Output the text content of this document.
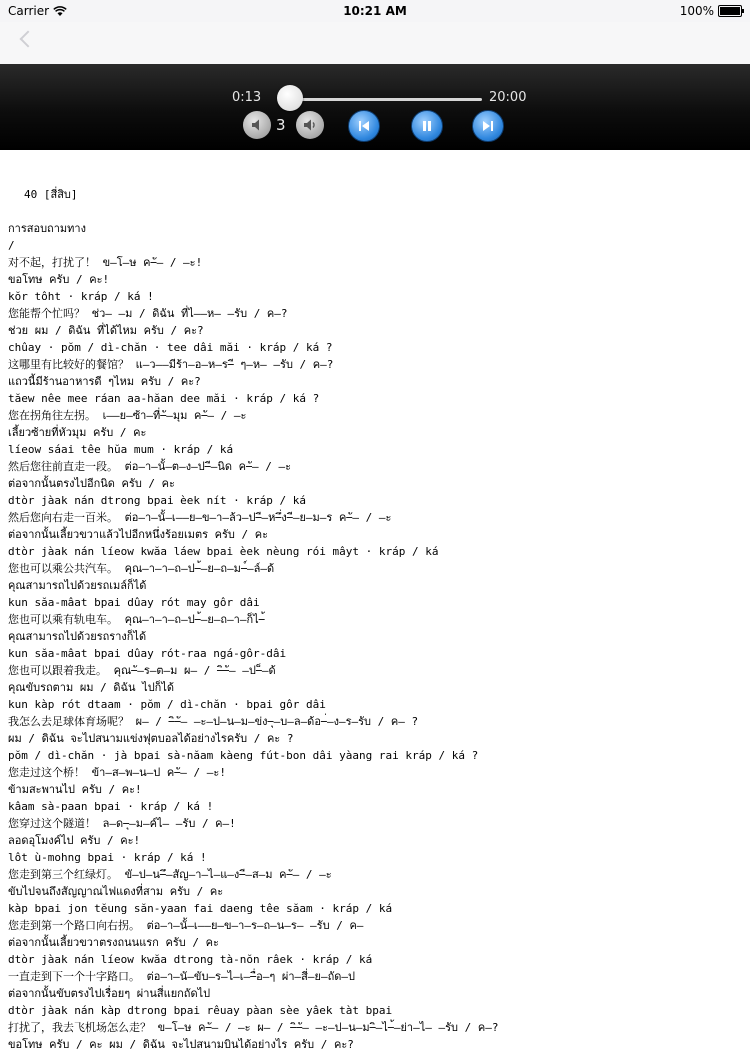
Carrier	10:21 AM	100%
0:13	20:00
3

40 [สี่สิบ]

การสอบถามทาง
/
对不起，打扰了！ ข–โ–ษ ค–ั– / –ะ!
ขอโทษ ครับ / คะ!
kŏr tôht · kráp / ká !
您能帮个忙吗？ ช่ว– –ม / ดิฉัน ที่ไ––ห– –รับ / ค–?
ช่วย ผม / ดิฉัน ที่ได้ไหม ครับ / คะ?
chûay · pŏm / dì-chăn · tee dâi măi · kráp / ká ?
这哪里有比较好的餐馆？ แ–ว––มีร้า–อ–ห–ร–ี ๆ–ห– –รับ / ค–?
แถวนี้มีร้านอาหารดี ๆไหม ครับ / คะ?
tăew nêe mee ráan aa-hăan dee măi · kráp / ká ?
您在拐角往左拐。 เ––ย–ซ้า–ที่–ั–มุม ค–ั– / –ะ
เลี้ยวซ้ายที่หัวมุม ครับ / คะ
líeow sáai têe hŭa mum · kráp / ká
然后您往前直走一段。 ต่อ–า–นั้–ต–ง–ป–ี–นิด ค–ั– / –ะ
ต่อจากนั้นตรงไปอีกนิด ครับ / คะ
dtòr jàak nán dtrong bpai èek nít · kráp / ká
然后您向右走一百米。 ต่อ–า–นั้–เ––ย–ข–า–ล้ว–ป–ี–ห–ึ่ง–ี–ย–ม–ร ค–ั– / –ะ
ต่อจากนั้นเลี้ยวขวาแล้วไปอีกหนึ่งร้อยเมตร ครับ / คะ
dtòr jàak nán líeow kwăa láew bpai èek nèung rói mâyt · kráp / ká
您也可以乘公共汽车。 คุณ–า–า–ถ–ป–้–ย–ถ–ม–์–ล์–ด้
คุณสามารถไปด้วยรถเมล์ก็ได้
kun săa-mâat bpai dûay rót may gôr dâi
您也可以乘有轨电车。 คุณ–า–า–ถ–ป–้–ย–ถ–า–ก็ไ–้
คุณสามารถไปด้วยรถรางก็ได้
kun săa-mâat bpai dûay rót-raa ngá-gôr-dâi
您也可以跟着我走。 คุณ–ั–ร–ต–ม ผ– / –ิ–ั– –ป–็–ด้
คุณขับรถตาม ผม / ดิฉัน ไปก็ได้
kun kàp rót dtaam · pŏm / dì-chăn · bpai gôr dâi
我怎么去足球体育场呢？ ผ– / –ิ–ั– –ะ–ป–น–ม–ข่ง–ุ–บ–ล–ด้อ–่–ง–ร–รับ / ค– ?
ผม / ดิฉัน จะไปสนามแข่งฟุตบอลได้อย่างไรครับ / คะ ?
pŏm / dì-chăn · jà bpai sà-năam kàeng fút-bon dâi yàang rai kráp / ká ?
您走过这个桥！ ข้า–ส–พ–น–ป ค–ั– / –ะ!
ข้ามสะพานไป ครับ / คะ!
kâam sà-paan bpai · kráp / ká !
您穿过这个隧道！ ล–ด–ุ–ม–ค์ไ– –รับ / ค–!
ลอดอุโมงค์ไป ครับ / คะ!
lôt ù-mohng bpai · kráp / ká !
您走到第三个红绿灯。 ขั–ป–น–ึ–สัญ–า–ไ–แ–ง–ี–ส–ม ค–ั– / –ะ
ขับไปจนถึงสัญญาณไฟแดงที่สาม ครับ / คะ
kàp bpai jon tĕung săn-yaan fai daeng têe săam · kráp / ká
您走到第一个路口向右拐。 ต่อ–า–นั้–เ––ย–ข–า–ร–ถ–น–ร– –รับ / ค–
ต่อจากนั้นเลี้ยวขวาตรงถนนแรก ครับ / คะ
dtòr jàak nán líeow kwăa dtrong tà-nŏn râek · kráp / ká
一直走到下一个十字路口。 ต่อ–า–นั–ขับ–ร–ไ–เ––ื่อ–ๆ ผ่า–สี่–ย–ถัด–ป
ต่อจากนั้นขับตรงไปเรื่อยๆ ผ่านสี่แยกถัดไป
dtòr jàak nán kàp dtrong bpai rêuay pàan sèe yâek tàt bpai
打扰了，我去飞机场怎么走？ ข–โ–ษ ค–ั– / –ะ ผ– / –ิ–ั– –ะ–ป–น–ม–ิ–ไ–้–ย่า–ไ– –รับ / ค–?
ขอโทษ ครับ / คะ ผม / ดิฉัน จะไปสนามบินได้อย่างไร ครับ / คะ?
